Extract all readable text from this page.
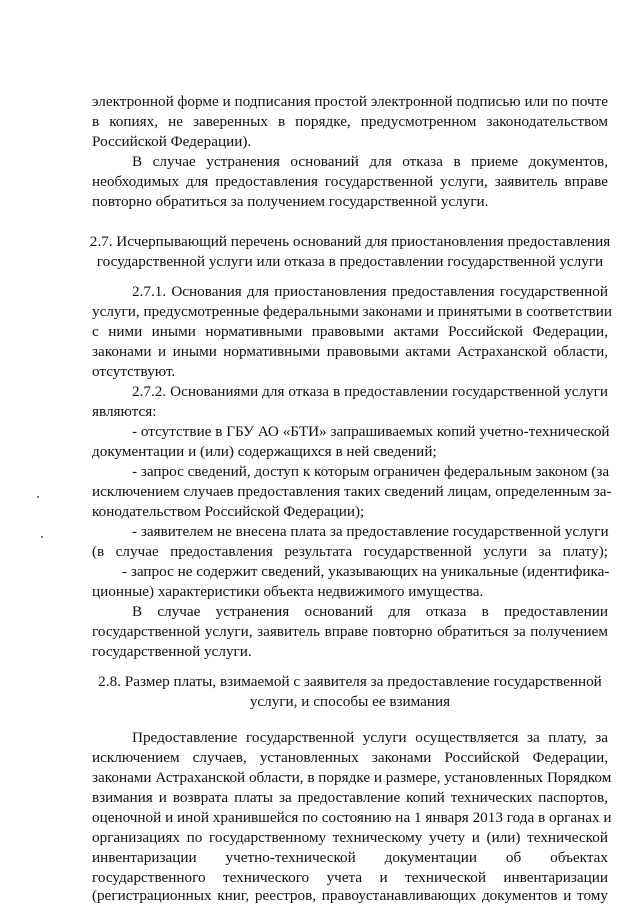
электронной форме и подписания простой электронной подписью или по почте

в копиях, не заверенных в порядке, предусмотренном законодательством

Российской Федерации).

В случае устранения оснований для отказа в приеме документов,

необходимых для предоставления государственной услуги, заявитель вправе

повторно обратиться за получением государственной услуги.

2.7. Исчерпывающий перечень оснований для приостановления предоставления

государственной услуги или отказа в предоставлении государственной услуги

2.7.1. Основания для приостановления предоставления государственной

услуги, предусмотренные федеральными законами и принятыми в соответствии

с ними иными нормативными правовыми актами Российской Федерации,

законами и иными нормативными правовыми актами Астраханской области,

отсутствуют.

2.7.2. Основаниями для отказа в предоставлении государственной услуги

являются:

- отсутствие в ГБУ АО «БТИ» запрашиваемых копий учетно-технической

документации и (или) содержащихся в ней сведений;

- запрос сведений, доступ к которым ограничен федеральным законом (за

исключением случаев предоставления таких сведений лицам, определенным за-

конодательством Российской Федерации);

- заявителем не внесена плата за предоставление государственной услуги

(в случае предоставления результата государственной услуги за плату);

- запрос не содержит сведений, указывающих на уникальные (идентифика-

ционные) характеристики объекта недвижимого имущества.

В случае устранения оснований для отказа в предоставлении

государственной услуги, заявитель вправе повторно обратиться за получением

государственной услуги.

2.8. Размер платы, взимаемой с заявителя за предоставление государственной

услуги, и способы ее взимания

Предоставление государственной услуги осуществляется за плату, за

исключением случаев, установленных законами Российской Федерации,

законами Астраханской области, в порядке и размере, установленных Порядком

взимания и возврата платы за предоставление копий технических паспортов,

оценочной и иной хранившейся по состоянию на 1 января 2013 года в органах и

организациях по государственному техническому учету и (или) технической

инвентаризации учетно-технической документации об объектах

государственного технического учета и технической инвентаризации

(регистрационных книг, реестров, правоустанавливающих документов и тому
